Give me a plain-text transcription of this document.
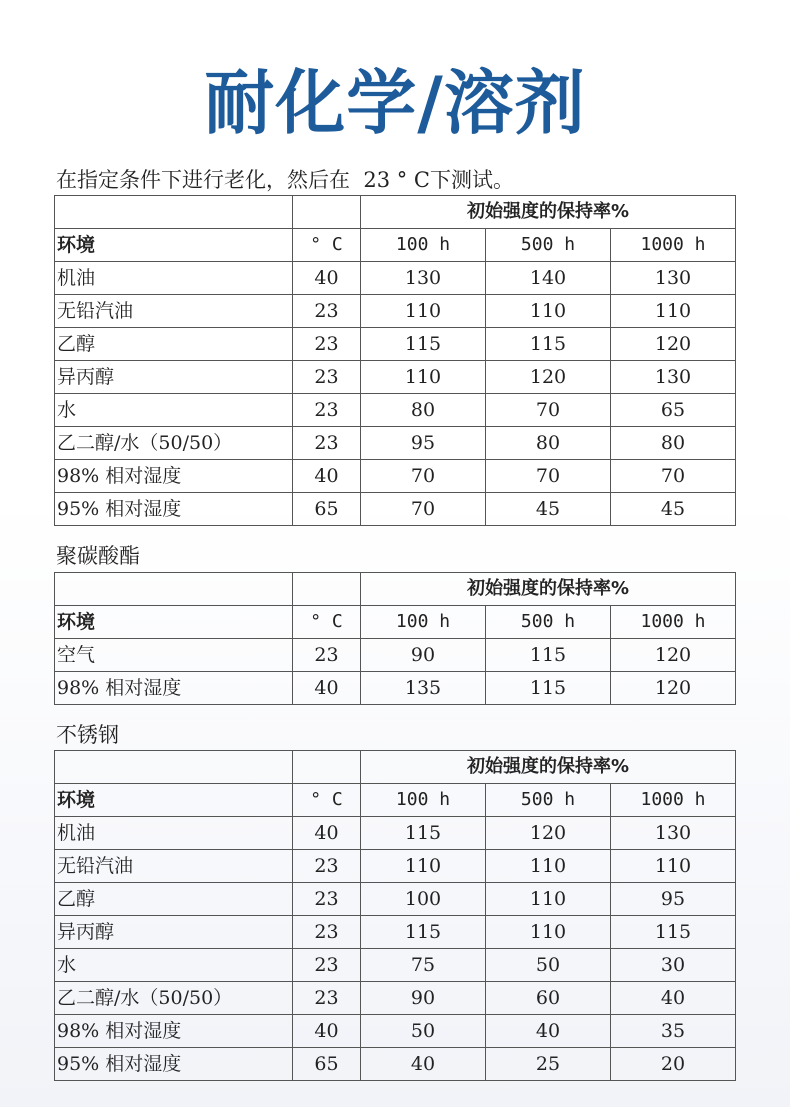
耐化学/溶剂
在指定条件下进行老化，然后在  23 ° C下测试。
聚碳酸酯
不锈钢
		初始强度的保持率%		
环境	° C	100 h	500 h	1000 h
机油	40	130	140	130
无铅汽油	23	110	110	110
乙醇	23	115	115	120
异丙醇	23	110	120	130
水	23	80	70	65
乙二醇/水（50/50）	23	95	80	80
98% 相对湿度	40	70	70	70
95% 相对湿度	65	70	45	45
		初始强度的保持率%		
环境	° C	100 h	500 h	1000 h
空气	23	90	115	120
98% 相对湿度	40	135	115	120
		初始强度的保持率%		
环境	° C	100 h	500 h	1000 h
机油	40	115	120	130
无铅汽油	23	110	110	110
乙醇	23	100	110	95
异丙醇	23	115	110	115
水	23	75	50	30
乙二醇/水（50/50）	23	90	60	40
98% 相对湿度	40	50	40	35
95% 相对湿度	65	40	25	20
